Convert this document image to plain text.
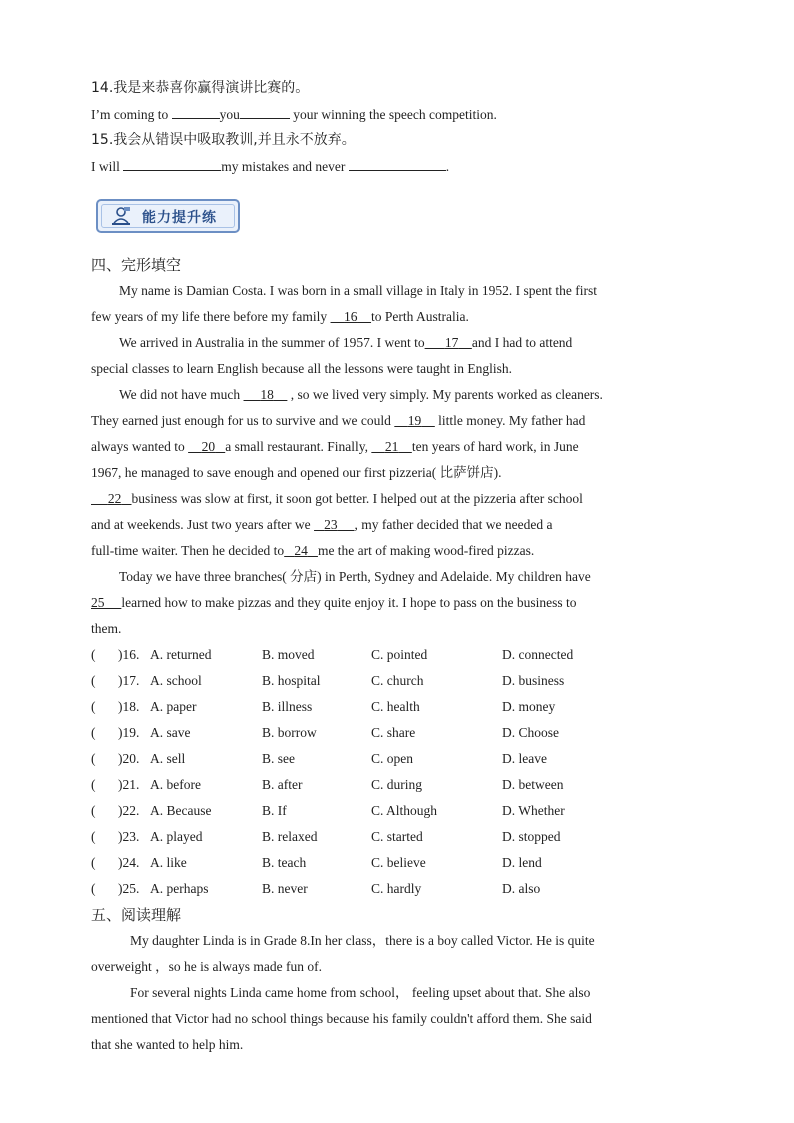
14.我是来恭喜你赢得演讲比赛的。
I’m coming to	you	your winning the speech competition.
15.我会从错误中吸取教训,并且永不放弃。
I will	my mistakes and never	.
能力提升练
四、完形填空
My name is Damian Costa. I was born in a small village in Italy in 1952. I spent the first
few years of my life there before my family     16 to Perth Australia.
We arrived in Australia in the summer of 1957. I went to 17 and I had to attend
special classes to learn English because all the lessons were taught in English.
We did not have much      18     , so we lived very simply. My parents worked as cleaners.
They earned just enough for us to survive and we could     19     little money. My father had
always wanted to     20 a small restaurant. Finally,     21 ten years of hard work, in June
1967, he managed to save enough and opened our first pizzeria( 比萨饼店).
22 business was slow at first, it soon got better. I helped out at the pizzeria after school
and at weekends. Just two years after we    23 , my father decided that we needed a
full-time waiter. Then he decided to 24 me the art of making wood-fired pizzas.
Today we have three branches( 分店) in Perth, Sydney and Adelaide. My children have
25 learned how to make pizzas and they quite enjoy it. I hope to pass on the business to
them.
( )16. A. returned	B. moved	C. pointed	D. connected
( )17. A. school	B. hospital	C. church	D. business
( )18. A. paper	B. illness	C. health	D. money
( )19. A. save	B. borrow	C. share	D. Choose
( )20. A. sell	B. see	C. open	D. leave
( )21. A. before	B. after	C. during	D. between
( )22. A. Because	B. If	C. Although	D. Whether
( )23. A. played	B. relaxed	C. started	D. stopped
( )24. A. like	B. teach	C. believe	D. lend
( )25. A. perhaps	B. never	C. hardly	D. also
五、阅读理解
My daughter Linda is in Grade 8.In her class，there is a boy called Victor. He is quite
overweight ，so he is always made fun of.
For several nights Linda came home from school， feeling upset about that. She also
mentioned that Victor had no school things because his family couldn't afford them. She said
that she wanted to help him.
